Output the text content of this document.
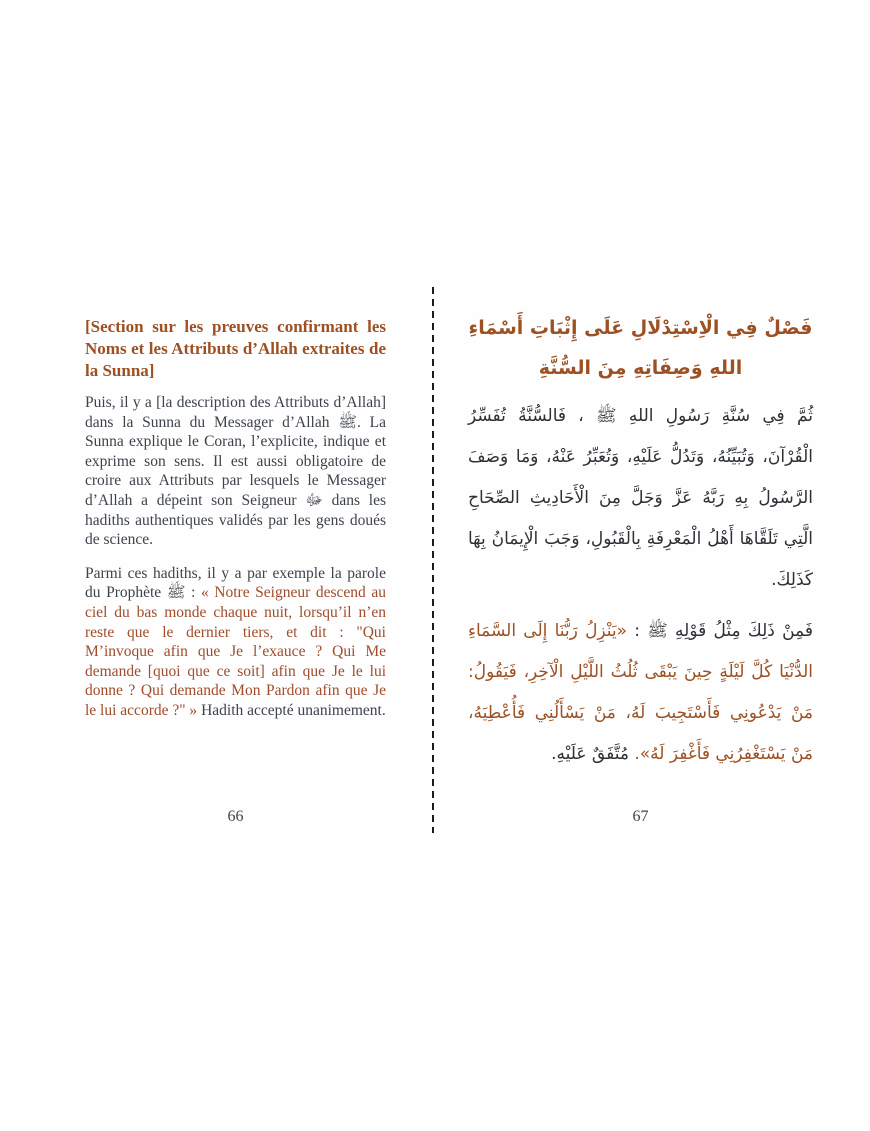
[Section sur les preuves confirmant les Noms et les Attributs d’Allah extraites de la Sunna]

Puis, il y a [la description des Attributs d’Allah] dans la Sunna du Messager d’Allah ﷺ. La Sunna explique le Coran, l’explicite, indique et exprime son sens. Il est aussi obligatoire de croire aux Attributs par lesquels le Messager d’Allah a dépeint son Seigneur ﷻ dans les hadiths authentiques validés par les gens doués de science.

Parmi ces hadiths, il y a par exemple la parole du Prophète ﷺ : « Notre Seigneur descend au ciel du bas monde chaque nuit, lorsqu’il n’en reste que le dernier tiers, et dit : "Qui M’invoque afin que Je l’exauce ? Qui Me demande [quoi que ce soit] afin que Je le lui donne ? Qui demande Mon Pardon afin que Je le lui accorde ?" » Hadith accepté unanimement.

فَصْلٌ فِي الْاِسْتِدْلَالِ عَلَى إِثْبَاتِ أَسْمَاءِ اللهِ وَصِفَاتِهِ مِنَ السُّنَّةِ

ثُمَّ فِي سُنَّةِ رَسُولِ اللهِ ﷺ ، فَالسُّنَّةُ تُفَسِّرُ الْقُرْآنَ، وَتُبَيِّنُهُ، وَتَدُلُّ عَلَيْهِ، وَتُعَبِّرُ عَنْهُ، وَمَا وَصَفَ الرَّسُولُ بِهِ رَبَّهُ عَزَّ وَجَلَّ مِنَ الْأَحَادِيثِ الصِّحَاحِ الَّتِي تَلَقَّاهَا أَهْلُ الْمَعْرِفَةِ بِالْقَبُولِ، وَجَبَ الْإِيمَانُ بِهَا كَذَلِكَ.

فَمِنْ ذَلِكَ مِثْلُ قَوْلِهِ ﷺ : «يَنْزِلُ رَبُّنَا إِلَى السَّمَاءِ الدُّنْيَا كُلَّ لَيْلَةٍ حِينَ يَبْقَى ثُلُثُ اللَّيْلِ الْآخِرِ، فَيَقُولُ: مَنْ يَدْعُونِي فَأَسْتَجِيبَ لَهُ، مَنْ يَسْأَلُنِي فَأُعْطِيَهُ، مَنْ يَسْتَغْفِرُنِي فَأَغْفِرَ لَهُ». مُتَّفَقٌ عَلَيْهِ.

66	67
